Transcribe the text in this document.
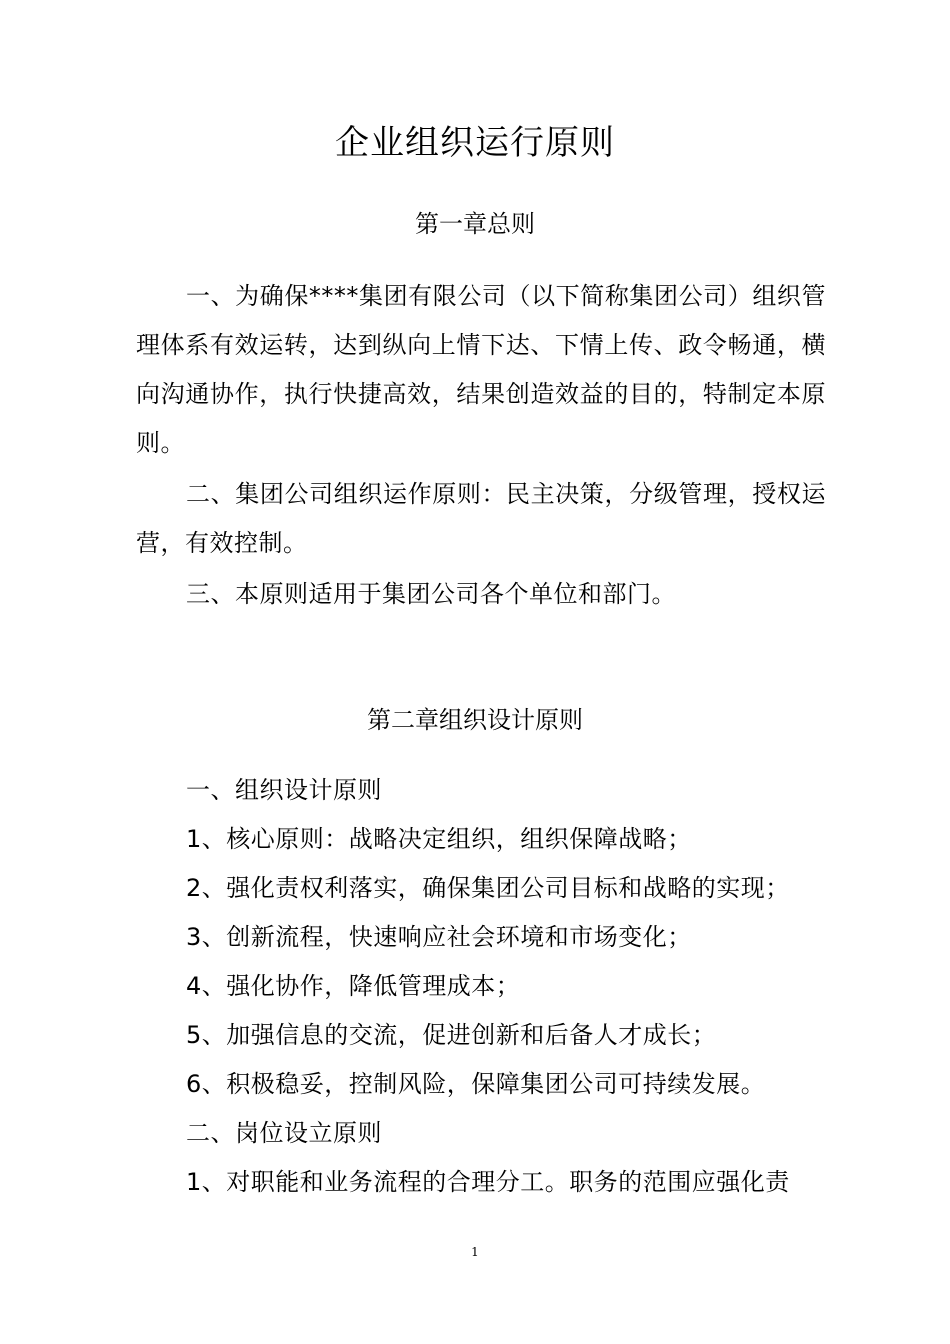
企业组织运行原则
第一章总则

一、为确保****集团有限公司（以下简称集团公司）组织管理体系有效运转，达到纵向上情下达、下情上传、政令畅通，横向沟通协作，执行快捷高效，结果创造效益的目的，特制定本原则。

二、集团公司组织运作原则：民主决策，分级管理，授权运营，有效控制。

三、本原则适用于集团公司各个单位和部门。

第二章组织设计原则

一、组织设计原则

1、核心原则：战略决定组织，组织保障战略；

2、强化责权利落实，确保集团公司目标和战略的实现；

3、创新流程，快速响应社会环境和市场变化；

4、强化协作，降低管理成本；

5、加强信息的交流，促进创新和后备人才成长；

6、积极稳妥，控制风险，保障集团公司可持续发展。

二、岗位设立原则

1、对职能和业务流程的合理分工。职务的范围应强化责

1
